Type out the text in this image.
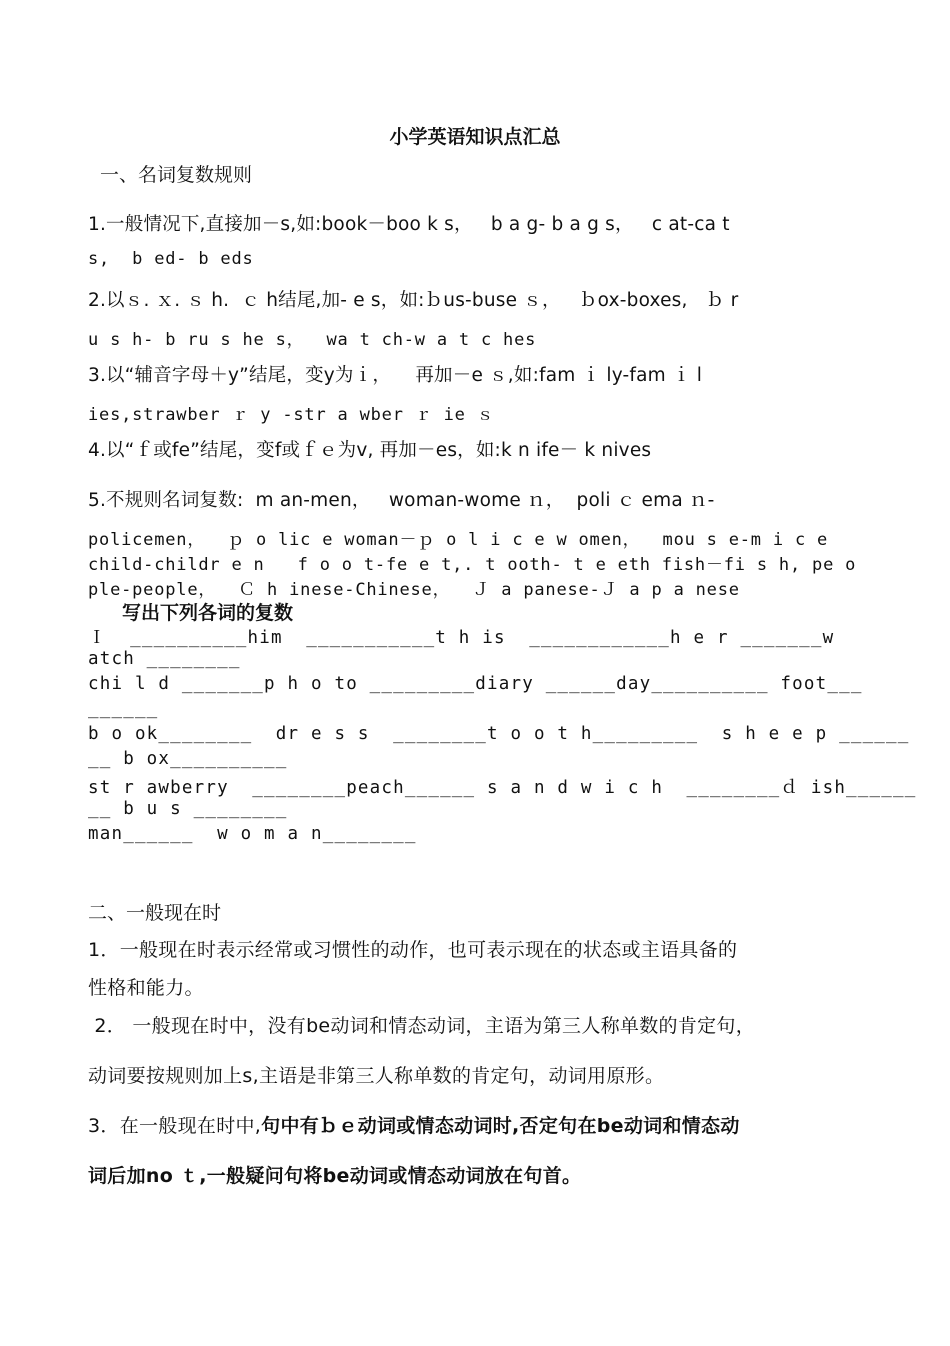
小学英语知识点汇总
一、名词复数规则
1.一般情况下,直接加－s,如:book－boo k s，   b a g- b a g s，   c at-ca t
s,  b ed- b eds
2.以ｓ. ｘ. ｓ h.  ｃ h结尾,加- e s，如:ｂus-buse ｓ，   ｂox-boxes,   ｂ r
u s h- b ru s he s，  wa t ch-w a t c hes
3.以“辅音字母＋y”结尾，变y为ｉ，    再加－e ｓ,如:fam ｉ ly-fam ｉ l
ies,strawber ｒ y -str a wber ｒ ie ｓ
4.以“ｆ或fe”结尾，变f或ｆｅ为v, 再加－es，如:k n ife－ k nives
5.不规则名词复数:  m an-men，   woman-wome ｎ，  poli ｃ ema ｎ-
policemen，  ｐ o lic e woman－ｐ o l i c e w omen，  mou s e-m i c e
child-childr e n   f o o t-fe e t,. t ooth- t e eth fish－fi s h, pe o
ple-people，  Ｃ h inese-Chinese，  Ｊ a panese-Ｊ a p a nese
写出下列各词的复数
Ｉ  __________him  ___________t h is  ____________h e r _______w
atch ________
chi l d _______p h o to _________diary ______day__________ foot___
______
b o ok________  dr e s s  ________t o o t h_________  s h e e p ______
__ b ox__________
st r awberry  ________peach______ s a n d w i c h  ________ｄ ish______
__ b u s ________
man______  w o m a n________
二、一般现在时
1．一般现在时表示经常或习惯性的动作，也可表示现在的状态或主语具备的
性格和能力。
2． 一般现在时中，没有be动词和情态动词，主语为第三人称单数的肯定句，
动词要按规则加上s,主语是非第三人称单数的肯定句，动词用原形。
3．在一般现在时中,句中有ｂｅ动词或情态动词时,否定句在be动词和情态动
词后加no ｔ,一般疑问句将be动词或情态动词放在句首。
